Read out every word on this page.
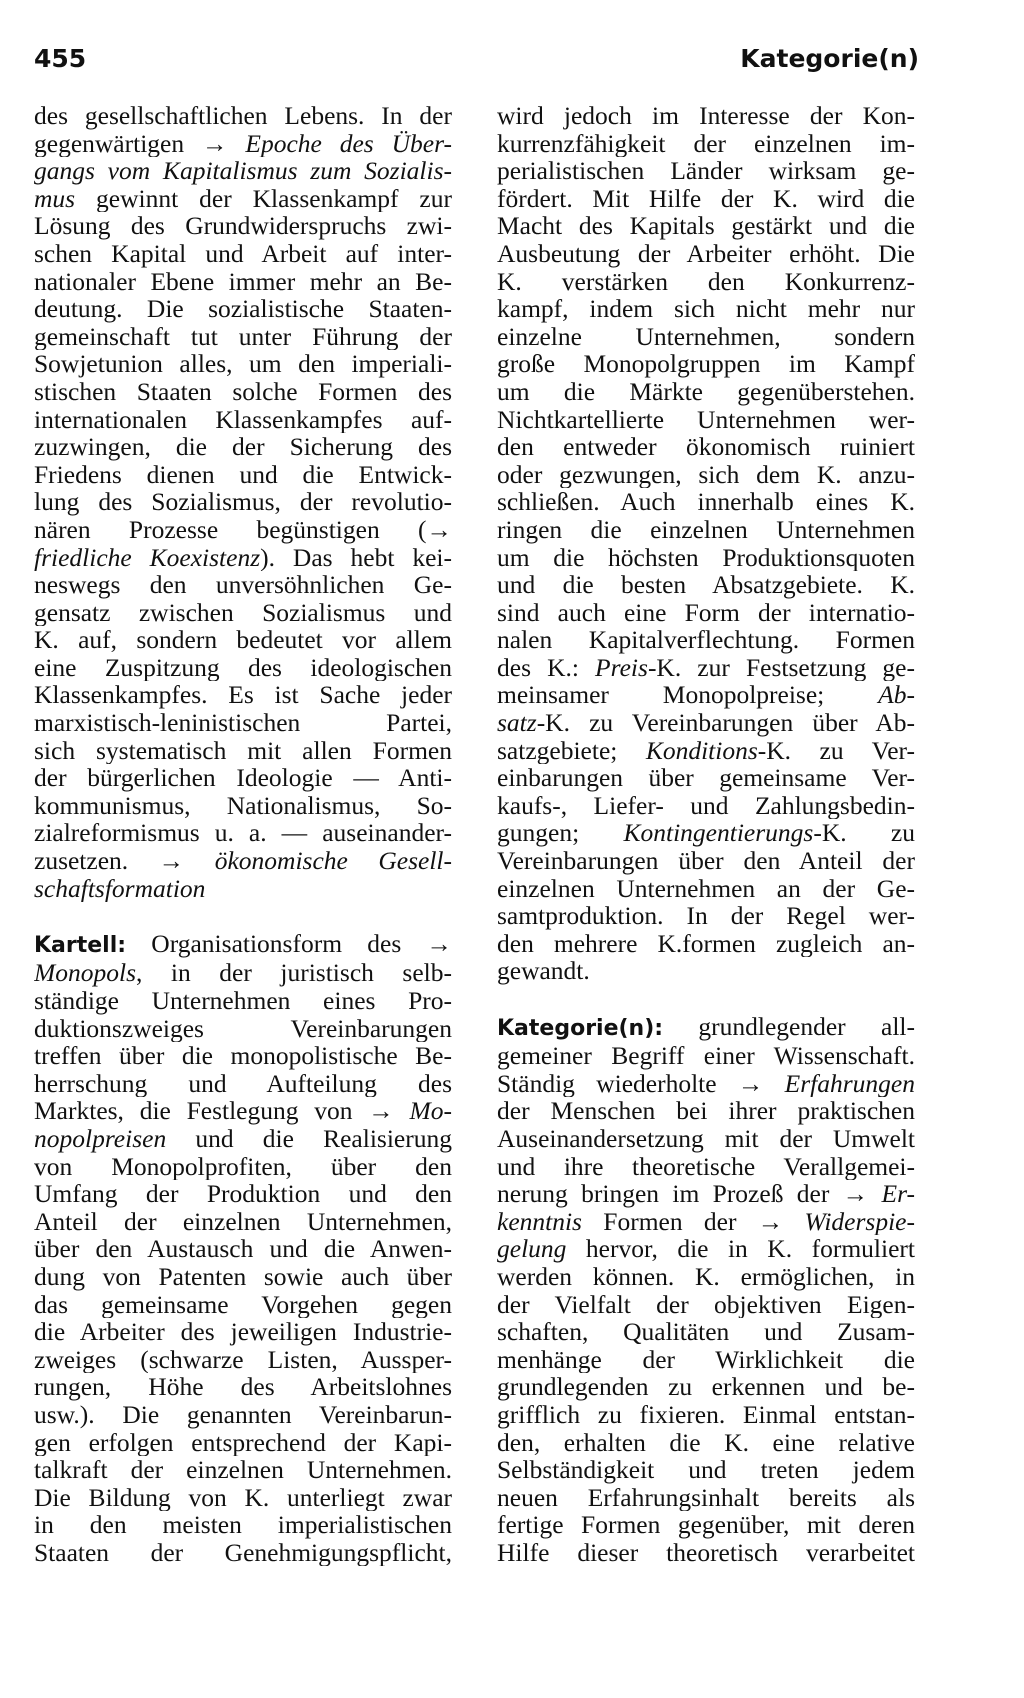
455	Kategorie(n)
des gesellschaftlichen Lebens. In der
gegenwärtigen → Epoche des Über-
gangs vom Kapitalismus zum Sozialis-
mus gewinnt der Klassenkampf zur
Lösung des Grundwiderspruchs zwi-
schen Kapital und Arbeit auf inter-
nationaler Ebene immer mehr an Be-
deutung. Die sozialistische Staaten-
gemeinschaft tut unter Führung der
Sowjetunion alles, um den imperiali-
stischen Staaten solche Formen des
internationalen Klassenkampfes auf-
zuzwingen, die der Sicherung des
Friedens dienen und die Entwick-
lung des Sozialismus, der revolutio-
nären Prozesse begünstigen (→
friedliche Koexistenz). Das hebt kei-
neswegs den unversöhnlichen Ge-
gensatz zwischen Sozialismus und
K. auf, sondern bedeutet vor allem
eine Zuspitzung des ideologischen
Klassenkampfes. Es ist Sache jeder
marxistisch-leninistischen Partei,
sich systematisch mit allen Formen
der bürgerlichen Ideologie — Anti-
kommunismus, Nationalismus, So-
zialreformismus u. a. — auseinander-
zusetzen. → ökonomische Gesell-
schaftsformation
Kartell: Organisationsform des →
Monopols, in der juristisch selb-
ständige Unternehmen eines Pro-
duktionszweiges Vereinbarungen
treffen über die monopolistische Be-
herrschung und Aufteilung des
Marktes, die Festlegung von → Mo-
nopolpreisen und die Realisierung
von Monopolprofiten, über den
Umfang der Produktion und den
Anteil der einzelnen Unternehmen,
über den Austausch und die Anwen-
dung von Patenten sowie auch über
das gemeinsame Vorgehen gegen
die Arbeiter des jeweiligen Industrie-
zweiges (schwarze Listen, Aussper-
rungen, Höhe des Arbeitslohnes
usw.). Die genannten Vereinbarun-
gen erfolgen entsprechend der Kapi-
talkraft der einzelnen Unternehmen.
Die Bildung von K. unterliegt zwar
in den meisten imperialistischen
Staaten der Genehmigungspflicht,
wird jedoch im Interesse der Kon-
kurrenzfähigkeit der einzelnen im-
perialistischen Länder wirksam ge-
fördert. Mit Hilfe der K. wird die
Macht des Kapitals gestärkt und die
Ausbeutung der Arbeiter erhöht. Die
K. verstärken den Konkurrenz-
kampf, indem sich nicht mehr nur
einzelne Unternehmen, sondern
große Monopolgruppen im Kampf
um die Märkte gegenüberstehen.
Nichtkartellierte Unternehmen wer-
den entweder ökonomisch ruiniert
oder gezwungen, sich dem K. anzu-
schließen. Auch innerhalb eines K.
ringen die einzelnen Unternehmen
um die höchsten Produktionsquoten
und die besten Absatzgebiete. K.
sind auch eine Form der internatio-
nalen Kapitalverflechtung. Formen
des K.: Preis-K. zur Festsetzung ge-
meinsamer Monopolpreise; Ab-
satz-K. zu Vereinbarungen über Ab-
satzgebiete; Konditions-K. zu Ver-
einbarungen über gemeinsame Ver-
kaufs-, Liefer- und Zahlungsbedin-
gungen; Kontingentierungs-K. zu
Vereinbarungen über den Anteil der
einzelnen Unternehmen an der Ge-
samtproduktion. In der Regel wer-
den mehrere K.formen zugleich an-
gewandt.
Kategorie(n): grundlegender all-
gemeiner Begriff einer Wissenschaft.
Ständig wiederholte → Erfahrungen
der Menschen bei ihrer praktischen
Auseinandersetzung mit der Umwelt
und ihre theoretische Verallgemei-
nerung bringen im Prozeß der → Er-
kenntnis Formen der → Widerspie-
gelung hervor, die in K. formuliert
werden können. K. ermöglichen, in
der Vielfalt der objektiven Eigen-
schaften, Qualitäten und Zusam-
menhänge der Wirklichkeit die
grundlegenden zu erkennen und be-
grifflich zu fixieren. Einmal entstan-
den, erhalten die K. eine relative
Selbständigkeit und treten jedem
neuen Erfahrungsinhalt bereits als
fertige Formen gegenüber, mit deren
Hilfe dieser theoretisch verarbeitet
